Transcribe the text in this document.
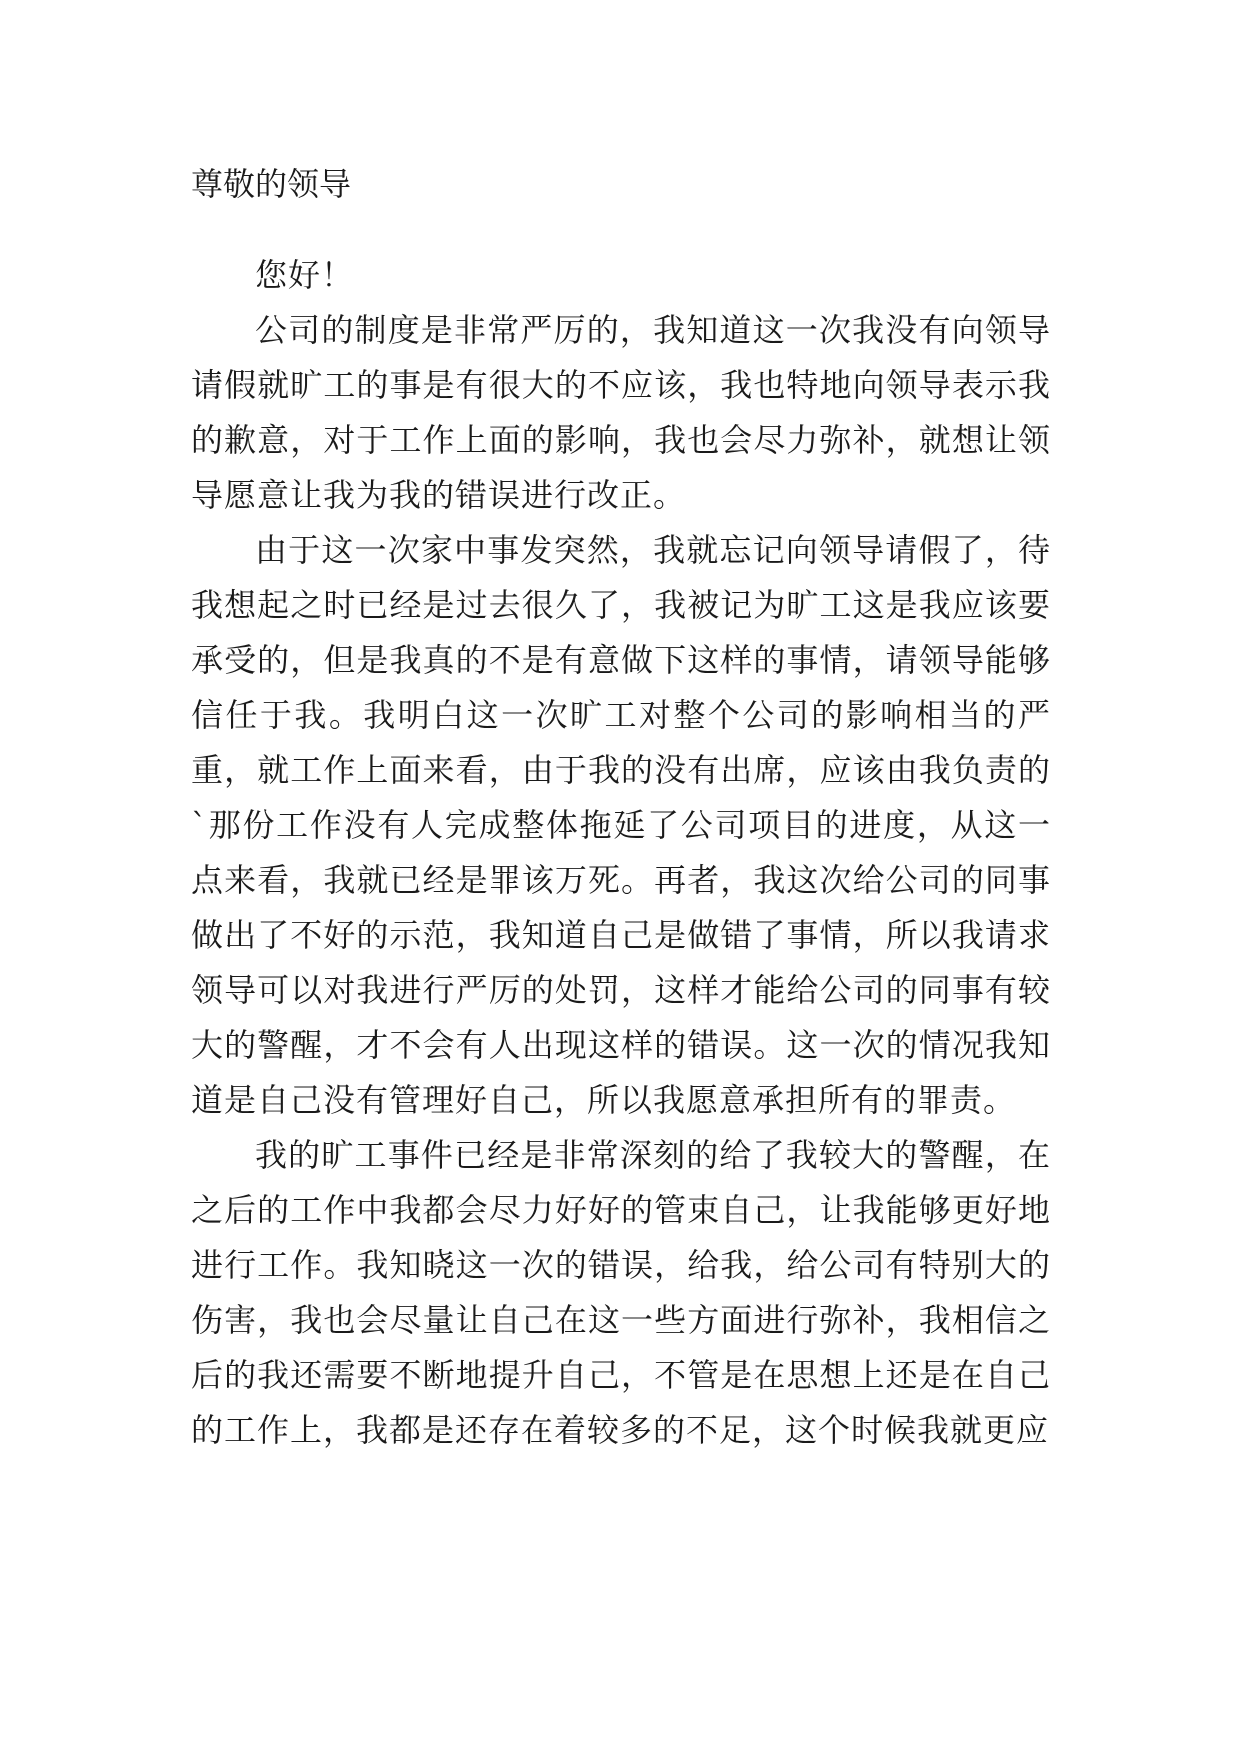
尊敬的领导

您好！

公司的制度是非常严厉的，我知道这一次我没有向领导请假就旷工的事是有很大的不应该，我也特地向领导表示我的歉意，对于工作上面的影响，我也会尽力弥补，就想让领导愿意让我为我的错误进行改正。

由于这一次家中事发突然，我就忘记向领导请假了，待我想起之时已经是过去很久了，我被记为旷工这是我应该要承受的，但是我真的不是有意做下这样的事情，请领导能够信任于我。我明白这一次旷工对整个公司的影响相当的严重，就工作上面来看，由于我的没有出席，应该由我负责的`那份工作没有人完成整体拖延了公司项目的进度，从这一点来看，我就已经是罪该万死。再者，我这次给公司的同事做出了不好的示范，我知道自己是做错了事情，所以我请求领导可以对我进行严厉的处罚，这样才能给公司的同事有较大的警醒，才不会有人出现这样的错误。这一次的情况我知道是自己没有管理好自己，所以我愿意承担所有的罪责。

我的旷工事件已经是非常深刻的给了我较大的警醒，在之后的工作中我都会尽力好好的管束自己，让我能够更好地进行工作。我知晓这一次的错误，给我，给公司有特别大的伤害，我也会尽量让自己在这一些方面进行弥补，我相信之后的我还需要不断地提升自己，不管是在思想上还是在自己的工作上，我都是还存在着较多的不足，这个时候我就更应
